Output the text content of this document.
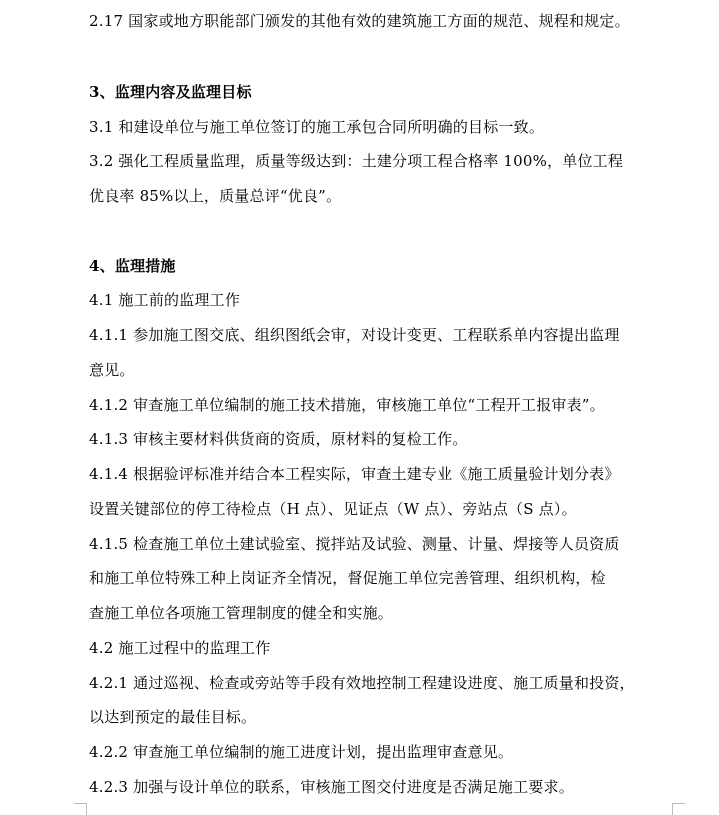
2.17 国家或地方职能部门颁发的其他有效的建筑施工方面的规范、规程和规定。
3、监理内容及监理目标
3.1 和建设单位与施工单位签订的施工承包合同所明确的目标一致。
3.2 强化工程质量监理，质量等级达到：土建分项工程合格率 100%，单位工程
优良率 85%以上，质量总评“优良”。
4、监理措施
4.1 施工前的监理工作
4.1.1 参加施工图交底、组织图纸会审，对设计变更、工程联系单内容提出监理
意见。
4.1.2 审查施工单位编制的施工技术措施，审核施工单位“工程开工报审表”。
4.1.3 审核主要材料供货商的资质，原材料的复检工作。
4.1.4 根据验评标准并结合本工程实际，审查土建专业《施工质量验计划分表》
设置关键部位的停工待检点（H 点）、见证点（W 点）、旁站点（S 点）。
4.1.5 检查施工单位土建试验室、搅拌站及试验、测量、计量、焊接等人员资质
和施工单位特殊工种上岗证齐全情况，督促施工单位完善管理、组织机构，检
查施工单位各项施工管理制度的健全和实施。
4.2 施工过程中的监理工作
4.2.1 通过巡视、检查或旁站等手段有效地控制工程建设进度、施工质量和投资，
以达到预定的最佳目标。
4.2.2 审查施工单位编制的施工进度计划，提出监理审查意见。
4.2.3 加强与设计单位的联系，审核施工图交付进度是否满足施工要求。
